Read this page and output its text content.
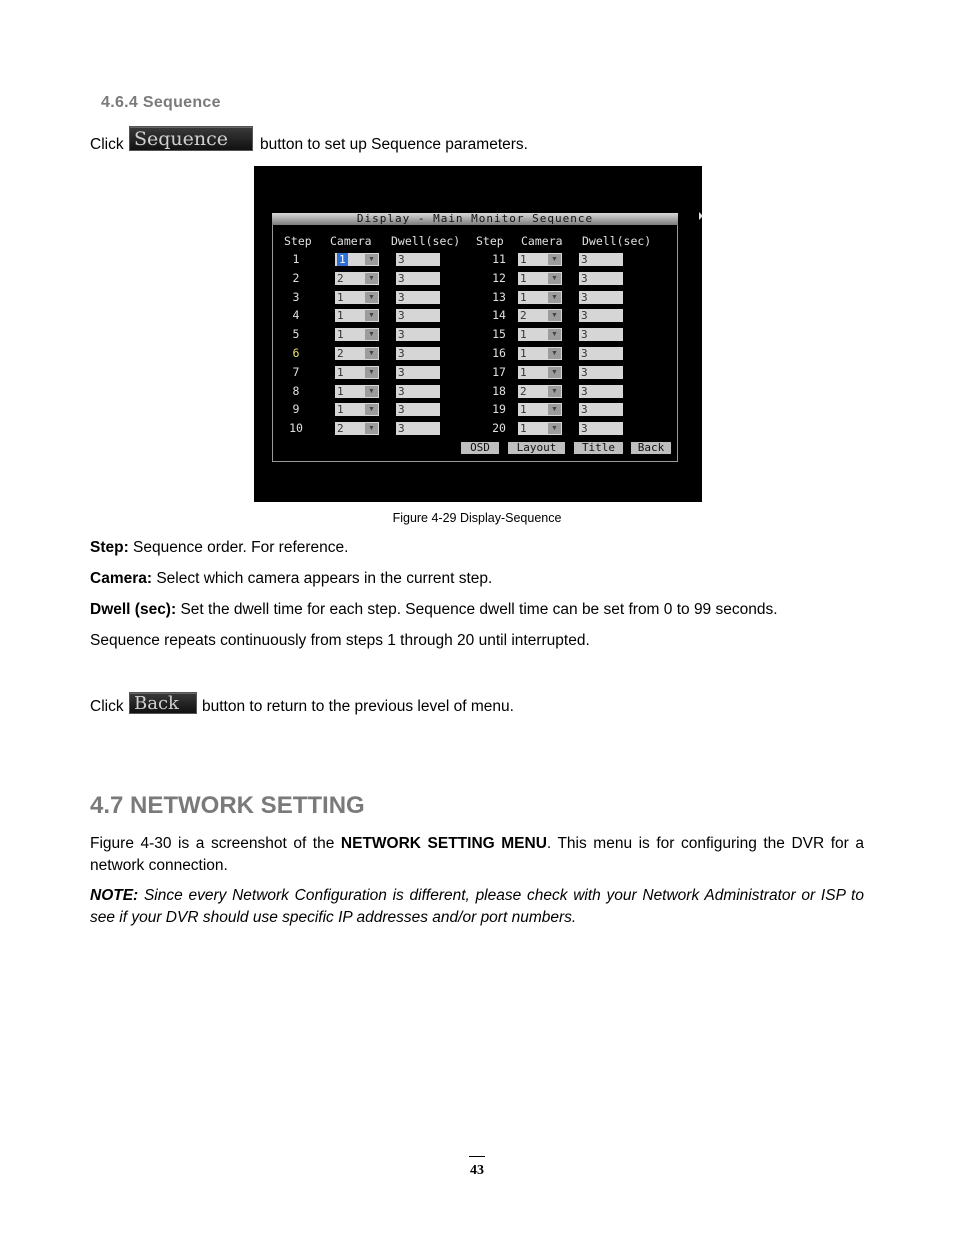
4.6.4 Sequence
Click Sequence	button to set up Sequence parameters.
Display - Main Monitor Sequence
Step Camera Dwell(sec) Step Camera Dwell(sec)
1	1	▼ 3
2	2	▼ 3
3	1	▼ 3
4	1	▼ 3
5	1	▼ 3
6	2	▼ 3
7	1	▼ 3
8	1	▼ 3
9	1	▼ 3
10	2	▼ 3
11	1	▼ 3
12	1	▼ 3
13	1	▼ 3
14	2	▼ 3
15	1	▼ 3
16	1	▼ 3
17	1	▼ 3
18	2	▼ 3
19	1	▼ 3
20	1	▼ 3
OSD	Layout	Title	Back
Figure 4-29 Display-Sequence
Step: Sequence order. For reference.
Camera: Select which camera appears in the current step.
Dwell (sec): Set the dwell time for each step. Sequence dwell time can be set from 0 to 99 seconds.
Sequence repeats continuously from steps 1 through 20 until interrupted.
Click Back	button to return to the previous level of menu.
4.7 NETWORK SETTING
Figure 4-30 is a screenshot of the NETWORK SETTING MENU. This menu is for configuring the DVR for a network connection.
NOTE: Since every Network Configuration is different, please check with your Network Administrator or ISP to see if your DVR should use specific IP addresses and/or port numbers.
43
